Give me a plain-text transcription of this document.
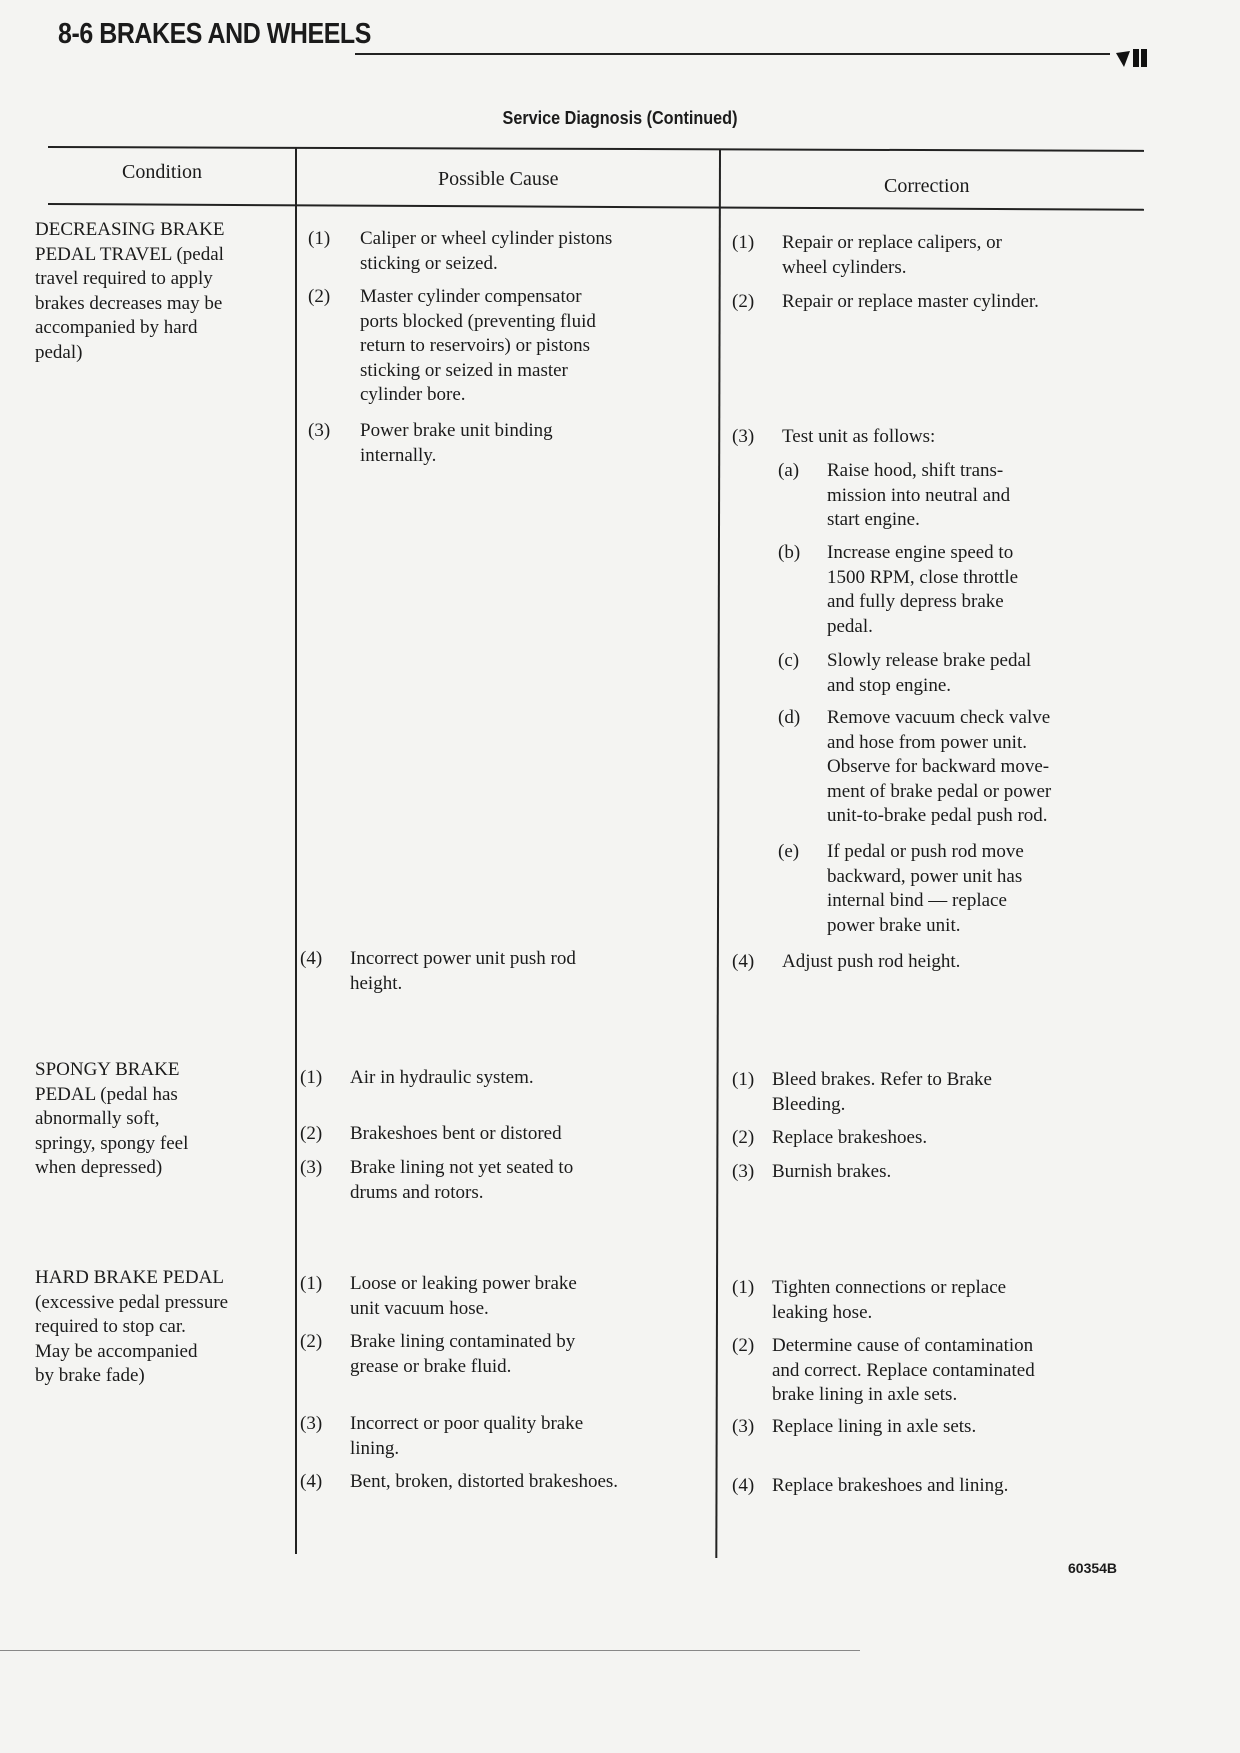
8-6 BRAKES AND WHEELS
Service Diagnosis (Continued)
Condition	Possible Cause	Correction
DECREASING BRAKE
PEDAL TRAVEL (pedal
travel required to apply
brakes decreases may be
accompanied by hard
pedal)
(1) Caliper or wheel cylinder pistons
sticking or seized.
(2) Master cylinder compensator
ports blocked (preventing fluid
return to reservoirs) or pistons
sticking or seized in master
cylinder bore.
(3) Power brake unit binding
internally.
(4) Incorrect power unit push rod
height.
(1) Repair or replace calipers, or
wheel cylinders.
(2) Repair or replace master cylinder.
(3) Test unit as follows:
(a) Raise hood, shift trans-
mission into neutral and
start engine.
(b) Increase engine speed to
1500 RPM, close throttle
and fully depress brake
pedal.
(c) Slowly release brake pedal
and stop engine.
(d) Remove vacuum check valve
and hose from power unit.
Observe for backward move-
ment of brake pedal or power
unit-to-brake pedal push rod.
(e) If pedal or push rod move
backward, power unit has
internal bind — replace
power brake unit.
(4) Adjust push rod height.
SPONGY BRAKE
PEDAL (pedal has
abnormally soft,
springy, spongy feel
when depressed)
(1) Air in hydraulic system.
(2) Brakeshoes bent or distored
(3) Brake lining not yet seated to
drums and rotors.
(1) Bleed brakes. Refer to Brake
Bleeding.
(2) Replace brakeshoes.
(3) Burnish brakes.
HARD BRAKE PEDAL
(excessive pedal pressure
required to stop car.
May be accompanied
by brake fade)
(1) Loose or leaking power brake
unit vacuum hose.
(2) Brake lining contaminated by
grease or brake fluid.
(3) Incorrect or poor quality brake
lining.
(4) Bent, broken, distorted brakeshoes.
(1) Tighten connections or replace
leaking hose.
(2) Determine cause of contamination
and correct. Replace contaminated
brake lining in axle sets.
(3) Replace lining in axle sets.
(4) Replace brakeshoes and lining.
60354B
